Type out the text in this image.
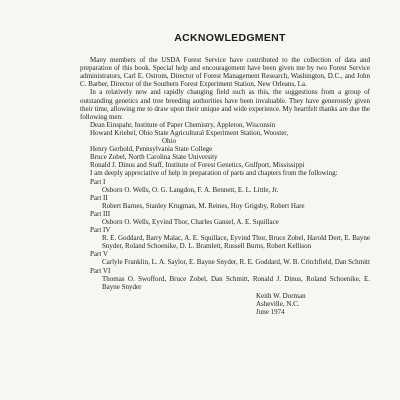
ACKNOWLEDGMENT

Many members of the USDA Forest Service have contributed to the collection of data and preparation of this book. Special help and encouragement have been given me by two Forest Service administrators, Carl E. Ostrom, Director of Forest Management Research, Washington, D.C., and John C. Barber, Director of the Southern Forest Experiment Station, New Orleans, La.

In a relatively new and rapidly changing field such as this, the suggestions from a group of outstanding genetics and tree breeding authorities have been invaluable. They have generously given their time, allowing me to draw upon their unique and wide experience. My heartfelt thanks are due the following men:

Dean Einspahr, Institute of Paper Chemistry, Appleton, Wisconsin
Howard Kriebel, Ohio State Agricultural Experiment Station, Wooster,
Ohio
Henry Gerhold, Pennsylvania State College
Bruce Zobel, North Carolina State University
Ronald J. Dinus and Staff, Institute of Forest Genetics, Gulfport, Mississippi

I am deeply appreciative of help in preparation of parts and chapters from the following:

Part I
Osborn O. Wells, O. G. Langdon, F. A. Bennett, E. L. Little, Jr.
Part II
Robert Barnes, Stanley Krugman, M. Reines, Hoy Grigsby, Robert Hare
Part III
Osborn O. Wells, Eyvind Thor, Charles Gansel, A. E. Squillace
Part IV
R. E. Goddard, Barry Malac, A. E. Squillace, Eyvind Thor, Bruce Zobel, Harold Derr, E. Bayne Snyder, Roland Schoenike, D. L. Bramlett, Russell Burns, Robert Kellison
Part V
Carlyle Franklin, L. A. Saylor, E. Bayne Snyder, R. E. Goddard, W. B. Critchfield, Dan Schmitt
Part VI
Thomas O. Swofford, Bruce Zobel, Dan Schmitt, Ronald J. Dinus, Roland Schoenike, E. Bayne Snyder
Keith W. Dorman
Asheville, N.C.
June 1974
